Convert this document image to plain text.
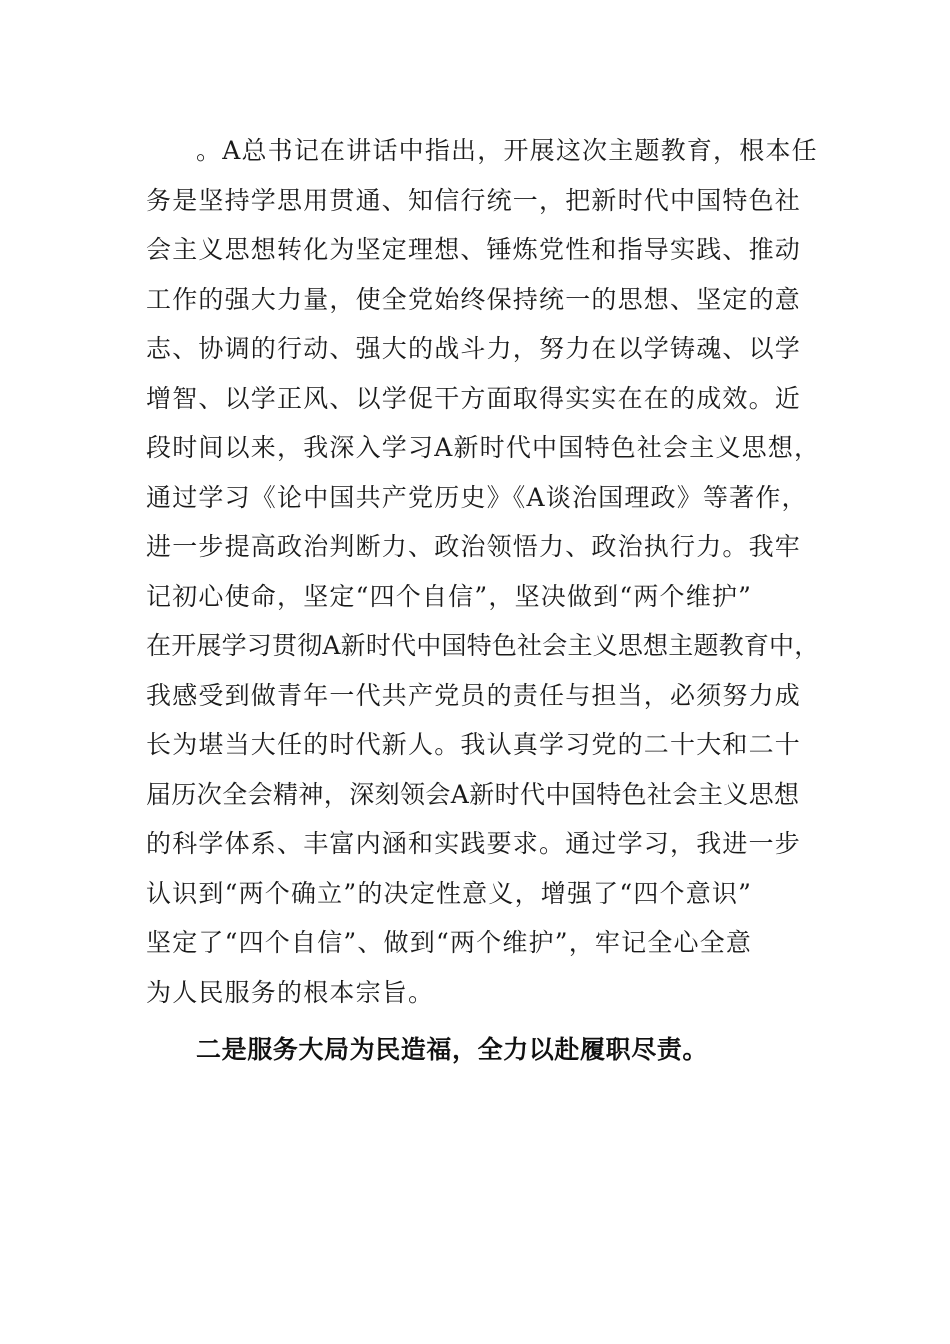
。A总书记在讲话中指出，开展这次主题教育，根本任
务是坚持学思用贯通、知信行统一，把新时代中国特色社
会主义思想转化为坚定理想、锤炼党性和指导实践、推动
工作的强大力量，使全党始终保持统一的思想、坚定的意
志、协调的行动、强大的战斗力，努力在以学铸魂、以学
增智、以学正风、以学促干方面取得实实在在的成效。近
段时间以来，我深入学习A新时代中国特色社会主义思想，
通过学习《论中国共产党历史》《A谈治国理政》等著作，
进一步提高政治判断力、政治领悟力、政治执行力。我牢
记初心使命，坚定“四个自信”，坚决做到“两个维护”
在开展学习贯彻A新时代中国特色社会主义思想主题教育中，
我感受到做青年一代共产党员的责任与担当，必须努力成
长为堪当大任的时代新人。我认真学习党的二十大和二十
届历次全会精神，深刻领会A新时代中国特色社会主义思想
的科学体系、丰富内涵和实践要求。通过学习，我进一步
认识到“两个确立”的决定性意义，增强了“四个意识”
坚定了“四个自信”、做到“两个维护”，牢记全心全意
为人民服务的根本宗旨。
二是服务大局为民造福，全力以赴履职尽责。
